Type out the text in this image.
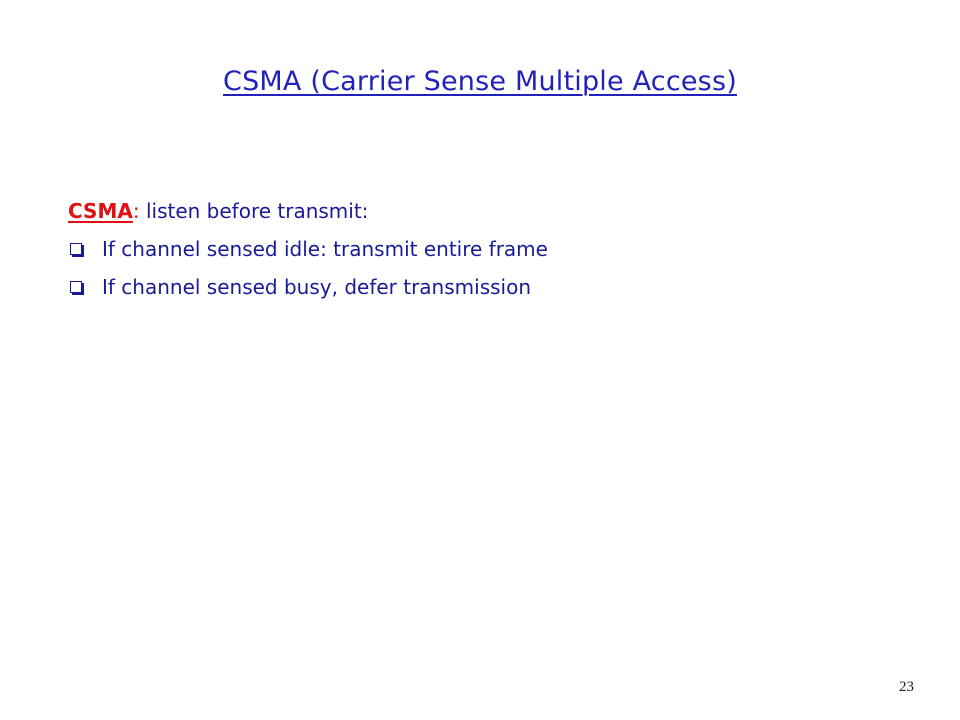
CSMA (Carrier Sense Multiple Access)
CSMA: listen before transmit:
If channel sensed idle: transmit entire frame
If channel sensed busy, defer transmission
23
